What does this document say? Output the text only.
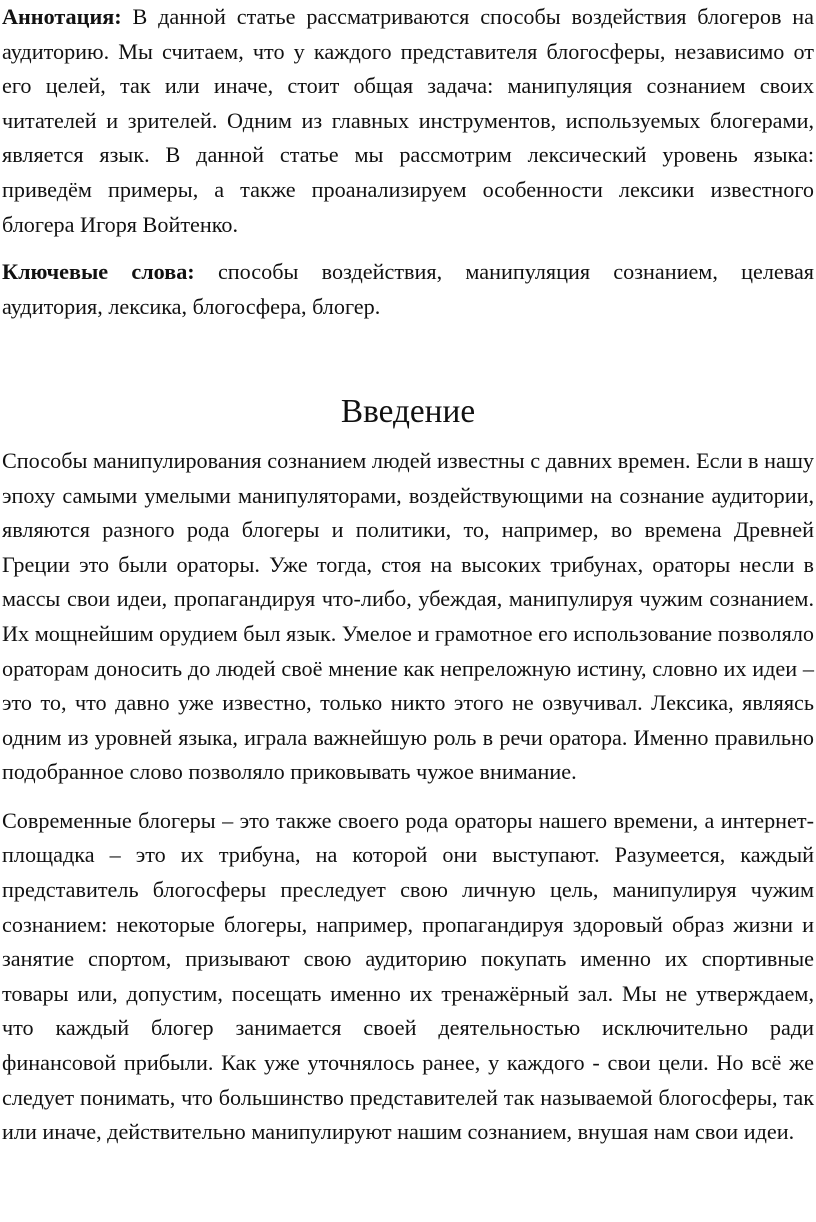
Аннотация: В данной статье рассматриваются способы воздействия блогеров на аудиторию. Мы считаем, что у каждого представителя блогосферы, независимо от его целей, так или иначе, стоит общая задача: манипуляция сознанием своих читателей и зрителей. Одним из главных инструментов, используемых блогерами, является язык. В данной статье мы рассмотрим лексический уровень языка: приведём примеры, а также проанализируем особенности лексики известного блогера Игоря Войтенко.

Ключевые слова: способы воздействия, манипуляция сознанием, целевая аудитория, лексика, блогосфера, блогер.

Введение

Способы манипулирования сознанием людей известны с давних времен. Если в нашу эпоху самыми умелыми манипуляторами, воздействующими на сознание аудитории, являются разного рода блогеры и политики, то, например, во времена Древней Греции это были ораторы. Уже тогда, стоя на высоких трибунах, ораторы несли в массы свои идеи, пропагандируя что-либо, убеждая, манипулируя чужим сознанием. Их мощнейшим орудием был язык. Умелое и грамотное его использование позволяло ораторам доносить до людей своё мнение как непреложную истину, словно их идеи – это то, что давно уже известно, только никто этого не озвучивал. Лексика, являясь одним из уровней языка, играла важнейшую роль в речи оратора. Именно правильно подобранное слово позволяло приковывать чужое внимание.

Современные блогеры – это также своего рода ораторы нашего времени, а интернет-площадка – это их трибуна, на которой они выступают. Разумеется, каждый представитель блогосферы преследует свою личную цель, манипулируя чужим сознанием: некоторые блогеры, например, пропагандируя здоровый образ жизни и занятие спортом, призывают свою аудиторию покупать именно их спортивные товары или, допустим, посещать именно их тренажёрный зал. Мы не утверждаем, что каждый блогер занимается своей деятельностью исключительно ради финансовой прибыли. Как уже уточнялось ранее, у каждого - свои цели. Но всё же следует понимать, что большинство представителей так называемой блогосферы, так или иначе, действительно манипулируют нашим сознанием, внушая нам свои идеи.
